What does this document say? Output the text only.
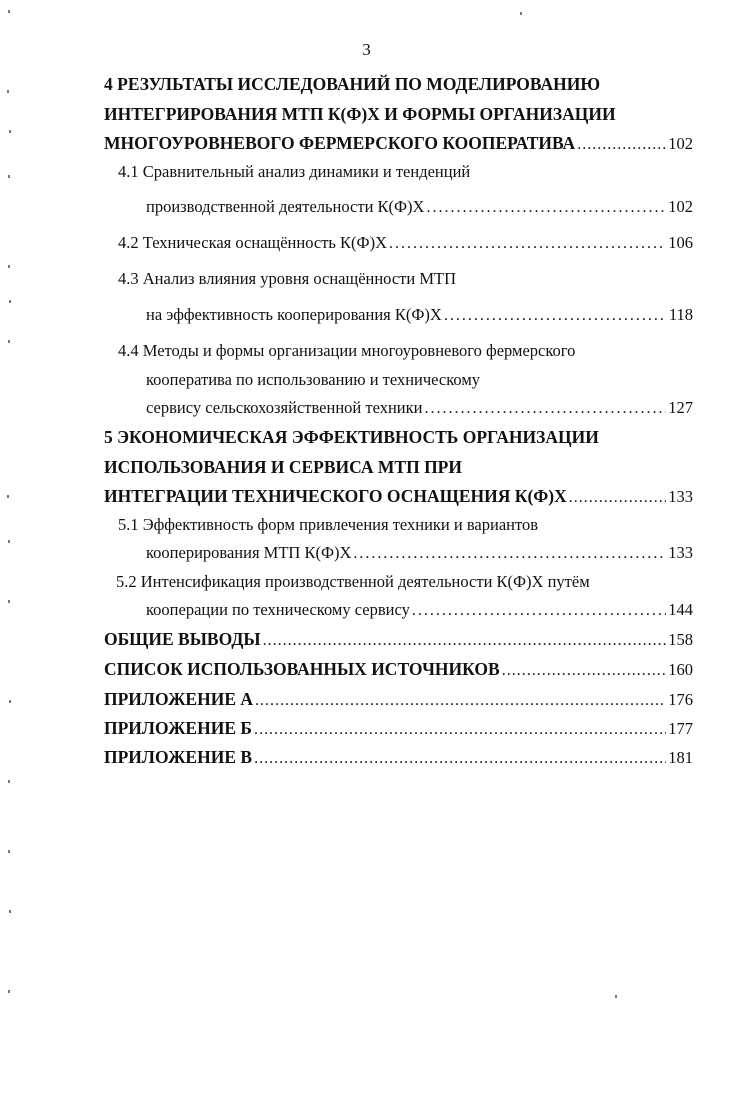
3
4 РЕЗУЛЬТАТЫ ИССЛЕДОВАНИЙ ПО МОДЕЛИРОВАНИЮ
ИНТЕГРИРОВАНИЯ МТП К(Ф)Х И ФОРМЫ ОРГАНИЗАЦИИ
МНОГОУРОВНЕВОГО ФЕРМЕРСКОГО КООПЕРАТИВА . . .	102
4.1 Сравнительный анализ динамики и тенденций
производственной деятельности К(Ф)Х . . .	102
4.2 Техническая оснащённость К(Ф)Х . . .	106
4.3 Анализ влияния уровня оснащённости МТП
на эффективность кооперирования К(Ф)Х . . .	118
4.4 Методы и формы организации многоуровневого фермерского
кооператива по использованию и техническому
сервису сельскохозяйственной техники . . .	127
5 ЭКОНОМИЧЕСКАЯ ЭФФЕКТИВНОСТЬ ОРГАНИЗАЦИИ
ИСПОЛЬЗОВАНИЯ И СЕРВИСА МТП ПРИ
ИНТЕГРАЦИИ ТЕХНИЧЕСКОГО ОСНАЩЕНИЯ К(Ф)Х . . .	133
5.1 Эффективность форм привлечения техники и вариантов
кооперирования МТП К(Ф)Х . . .	133
5.2 Интенсификация производственной деятельности К(Ф)Х путём
кооперации по техническому сервису . . .	144
ОБЩИЕ ВЫВОДЫ . . .	158
СПИСОК ИСПОЛЬЗОВАННЫХ ИСТОЧНИКОВ . . .	160
ПРИЛОЖЕНИЕ А . . .	176
ПРИЛОЖЕНИЕ Б . . .	177
ПРИЛОЖЕНИЕ В . . .	181
